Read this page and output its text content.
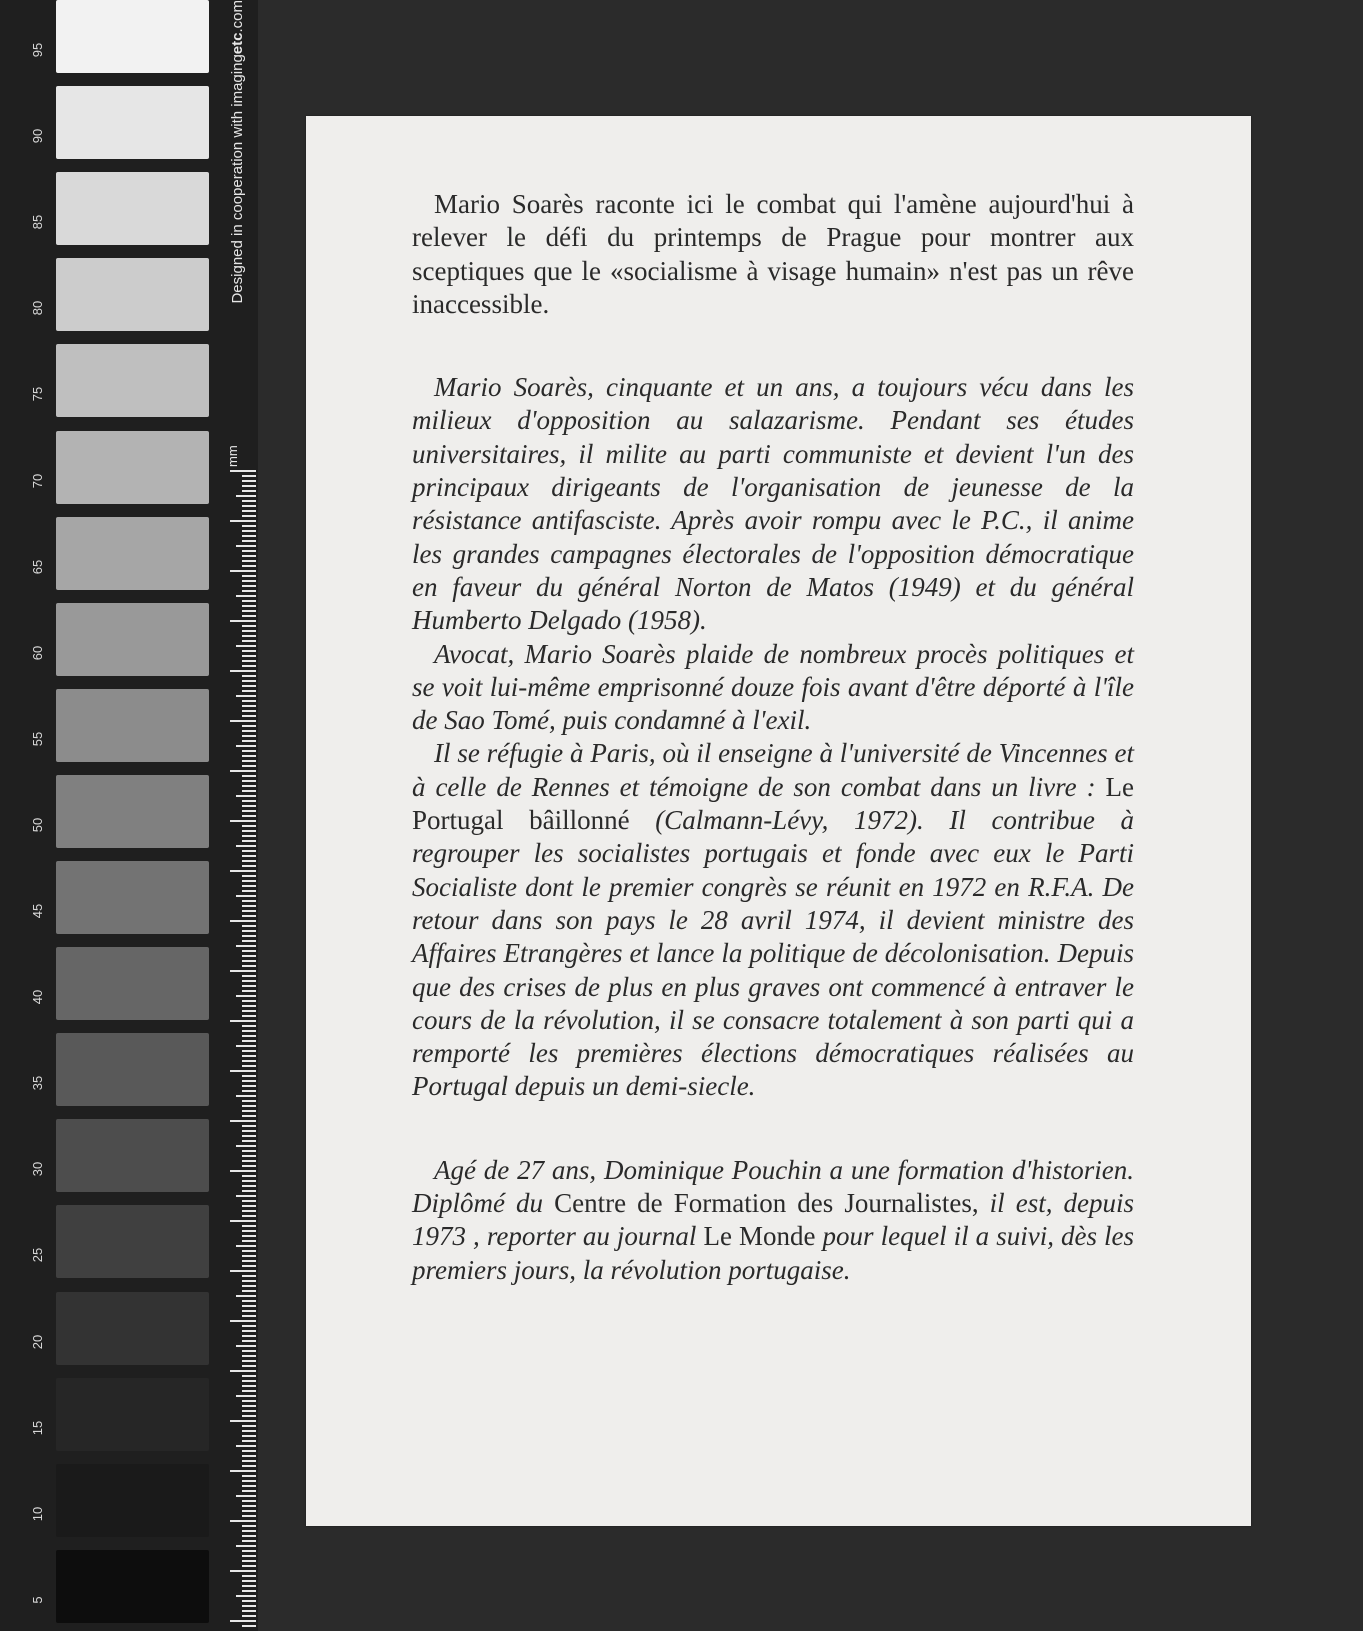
95
90
85
80
75
70
65
60
55
50
45
40
35
30
25
20
15
10
5
Designed in cooperation with imagingetc.com
mm

Mario Soarès raconte ici le combat qui l'amène aujourd'hui à relever le défi du printemps de Prague pour montrer aux sceptiques que le «socialisme à visage humain» n'est pas un rêve inaccessible.

Mario Soarès, cinquante et un ans, a toujours vécu dans les milieux d'opposition au salazarisme. Pendant ses études universitaires, il milite au parti communiste et devient l'un des principaux dirigeants de l'organisation de jeunesse de la résistance antifasciste. Après avoir rompu avec le P.C., il anime les grandes campagnes électorales de l'opposition démocratique en faveur du général Norton de Matos (1949) et du général Humberto Delgado (1958).

Avocat, Mario Soarès plaide de nombreux procès politiques et se voit lui-même emprisonné douze fois avant d'être déporté à l'île de Sao Tomé, puis condamné à l'exil.

Il se réfugie à Paris, où il enseigne à l'université de Vincennes et à celle de Rennes et témoigne de son combat dans un livre : Le Portugal bâillonné (Calmann-Lévy, 1972). Il contribue à regrouper les socialistes portugais et fonde avec eux le Parti Socialiste dont le premier congrès se réunit en 1972 en R.F.A. De retour dans son pays le 28 avril 1974, il devient ministre des Affaires Etrangères et lance la politique de décolonisation. Depuis que des crises de plus en plus graves ont commencé à entraver le cours de la révolution, il se consacre totalement à son parti qui a remporté les premières élections démocratiques réalisées au Portugal depuis un demi-siecle.

Agé de 27 ans, Dominique Pouchin a une formation d'historien. Diplômé du Centre de Formation des Journalistes, il est, depuis 1973 , reporter au journal Le Monde pour lequel il a suivi, dès les premiers jours, la révolution portugaise.
